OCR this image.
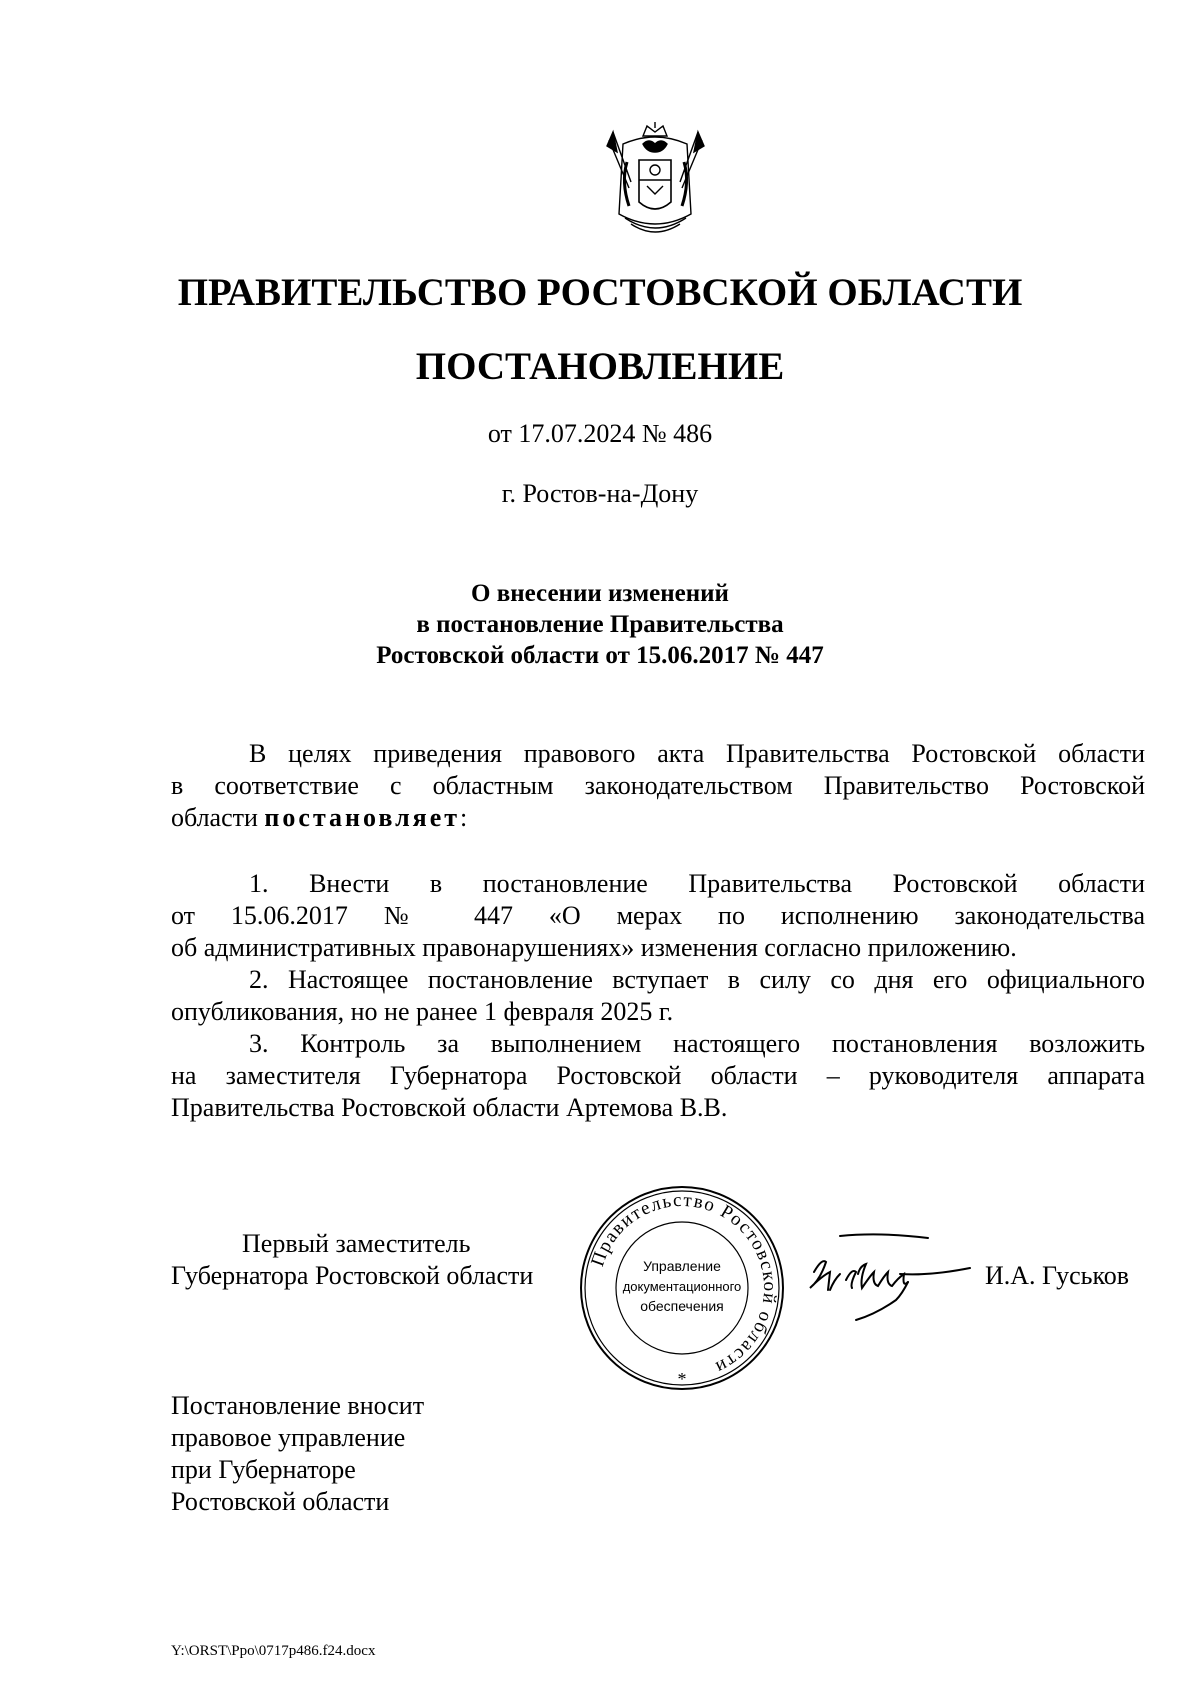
ПРАВИТЕЛЬСТВО РОСТОВСКОЙ ОБЛАСТИ
ПОСТАНОВЛЕНИЕ
от 17.07.2024 № 486
г. Ростов-на-Дону
О внесении изменений
в постановление Правительства
Ростовской области от 15.06.2017 № 447
В целях приведения правового акта Правительства Ростовской области
в соответствие с областным законодательством Правительство Ростовской
области постановляет:
1. Внести в постановление Правительства Ростовской области
от 15.06.2017 № 447 «О мерах по исполнению законодательства
об административных правонарушениях» изменения согласно приложению.
2. Настоящее постановление вступает в силу со дня его официального
опубликования, но не ранее 1 февраля 2025 г.
3. Контроль за выполнением настоящего постановления возложить
на заместителя Губернатора Ростовской области – руководителя аппарата
Правительства Ростовской области Артемова В.В.
Первый заместитель
Губернатора Ростовской области
Правительство Ростовской области
Управление
документационного
обеспечения
*
И.А. Гуськов
Постановление вносит
правовое управление
при Губернаторе
Ростовской области
Y:\ORST\Ppo\0717p486.f24.docx
